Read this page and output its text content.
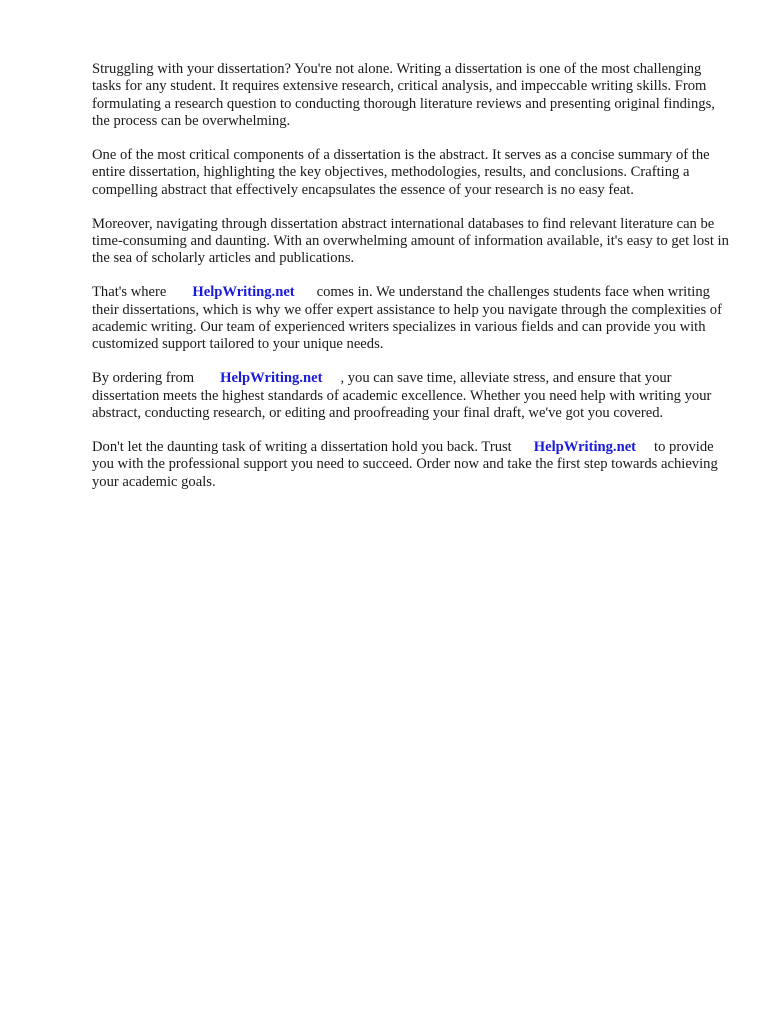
Struggling with your dissertation? You're not alone. Writing a dissertation is one of the most challenging tasks for any student. It requires extensive research, critical analysis, and impeccable writing skills. From formulating a research question to conducting thorough literature reviews and presenting original findings, the process can be overwhelming.

One of the most critical components of a dissertation is the abstract. It serves as a concise summary of the entire dissertation, highlighting the key objectives, methodologies, results, and conclusions. Crafting a compelling abstract that effectively encapsulates the essence of your research is no easy feat.

Moreover, navigating through dissertation abstract international databases to find relevant literature can be time-consuming and daunting. With an overwhelming amount of information available, it's easy to get lost in the sea of scholarly articles and publications.

That's where HelpWriting.net comes in. We understand the challenges students face when writing their dissertations, which is why we offer expert assistance to help you navigate through the complexities of academic writing. Our team of experienced writers specializes in various fields and can provide you with customized support tailored to your unique needs.

By ordering from HelpWriting.net , you can save time, alleviate stress, and ensure that your dissertation meets the highest standards of academic excellence. Whether you need help with writing your abstract, conducting research, or editing and proofreading your final draft, we've got you covered.

Don't let the daunting task of writing a dissertation hold you back. Trust HelpWriting.net to provide you with the professional support you need to succeed. Order now and take the first step towards achieving your academic goals.
